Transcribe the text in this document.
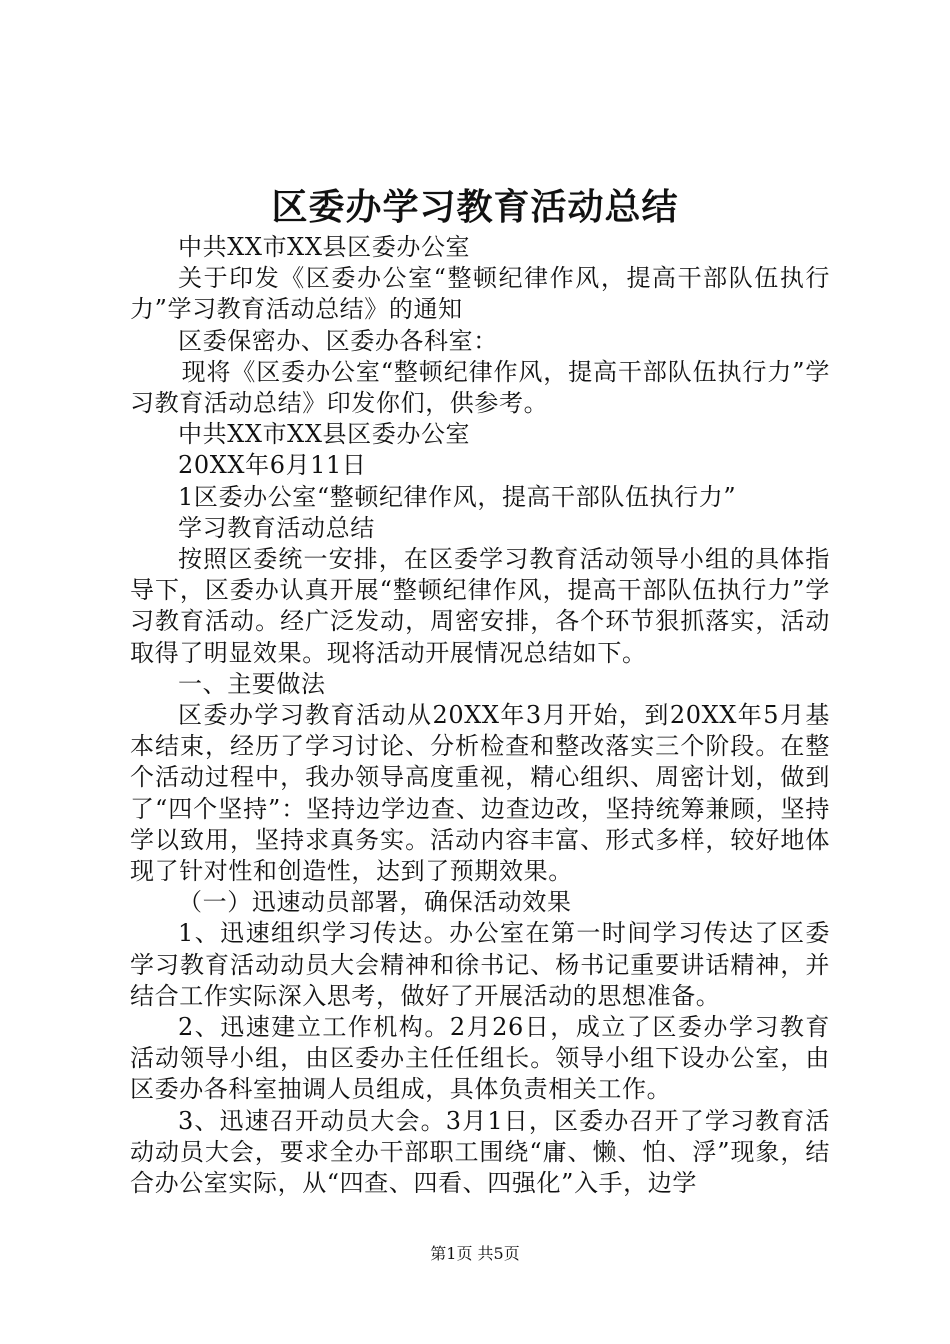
区委办学习教育活动总结

中共XX市XX县区委办公室

关于印发《区委办公室“整顿纪律作风，提高干部队伍执行力”学习教育活动总结》的通知

区委保密办、区委办各科室：

现将《区委办公室“整顿纪律作风，提高干部队伍执行力”学习教育活动总结》印发你们，供参考。

中共XX市XX县区委办公室

20XX年6月11日

1区委办公室“整顿纪律作风，提高干部队伍执行力”

学习教育活动总结

按照区委统一安排，在区委学习教育活动领导小组的具体指导下，区委办认真开展“整顿纪律作风，提高干部队伍执行力”学习教育活动。经广泛发动，周密安排，各个环节狠抓落实，活动取得了明显效果。现将活动开展情况总结如下。

一、主要做法

区委办学习教育活动从20XX年3月开始，到20XX年5月基本结束，经历了学习讨论、分析检查和整改落实三个阶段。在整个活动过程中，我办领导高度重视，精心组织、周密计划，做到了“四个坚持”：坚持边学边查、边查边改，坚持统筹兼顾，坚持学以致用，坚持求真务实。活动内容丰富、形式多样，较好地体现了针对性和创造性，达到了预期效果。

（一）迅速动员部署，确保活动效果

1、迅速组织学习传达。办公室在第一时间学习传达了区委学习教育活动动员大会精神和徐书记、杨书记重要讲话精神，并结合工作实际深入思考，做好了开展活动的思想准备。

2、迅速建立工作机构。2月26日，成立了区委办学习教育活动领导小组，由区委办主任任组长。领导小组下设办公室，由区委办各科室抽调人员组成，具体负责相关工作。

3、迅速召开动员大会。3月1日，区委办召开了学习教育活动动员大会，要求全办干部职工围绕“庸、懒、怕、浮”现象，结合办公室实际，从“四查、四看、四强化”入手，边学

第1页 共5页
